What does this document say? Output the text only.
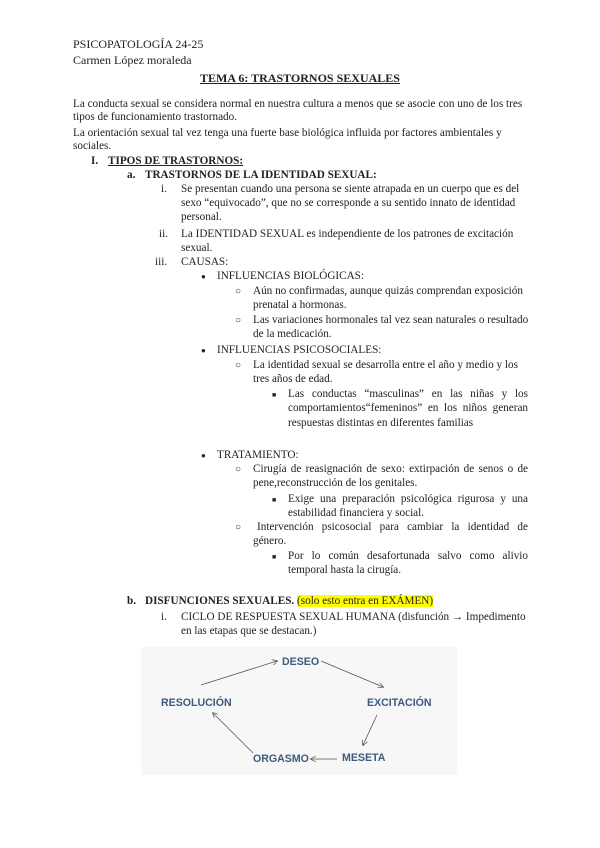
PSICOPATOLOGÍA 24-25
Carmen López moraleda
TEMA 6: TRASTORNOS SEXUALES
La conducta sexual se considera normal en nuestra cultura a menos que se asocie con uno de los tres
tipos de funcionamiento trastornado.
La orientación sexual tal vez tenga una fuerte base biológica influida por factores ambientales y
sociales.
I. TIPOS DE TRASTORNOS:
a. TRASTORNOS DE LA IDENTIDAD SEXUAL:
i. Se presentan cuando una persona se siente atrapada en un cuerpo que es del
sexo “equivocado”, que no se corresponde a su sentido innato de identidad
personal.
ii. La IDENTIDAD SEXUAL es independiente de los patrones de excitación
sexual.
iii. CAUSAS:
● INFLUENCIAS BIOLÓGICAS:
○ Aún no confirmadas, aunque quizás comprendan exposición
prenatal a hormonas.
○ Las variaciones hormonales tal vez sean naturales o resultado
de la medicación.
● INFLUENCIAS PSICOSOCIALES:
○ La identidad sexual se desarrolla entre el año y medio y los
tres años de edad.
■ Las conductas “masculinas” en las niñas y los
comportamientos“femeninos” en los niños generan
respuestas distintas en diferentes familias
● TRATAMIENTO:
○ Cirugía de reasignación de sexo: extirpación de senos o de
pene,reconstrucción de los genitales.
■ Exige una preparación psicológica rigurosa y una
estabilidad financiera y social.
○ Intervención psicosocial para cambiar la identidad de
género.
■ Por lo común desafortunada salvo como alivio
temporal hasta la cirugía.
b. DISFUNCIONES SEXUALES. (solo esto entra en EXÁMEN)
i. CICLO DE RESPUESTA SEXUAL HUMANA (disfunción → Impedimento
en las etapas que se destacan.)
DESEO
EXCITACIÓN
MESETA
ORGASMO
RESOLUCIÓN
